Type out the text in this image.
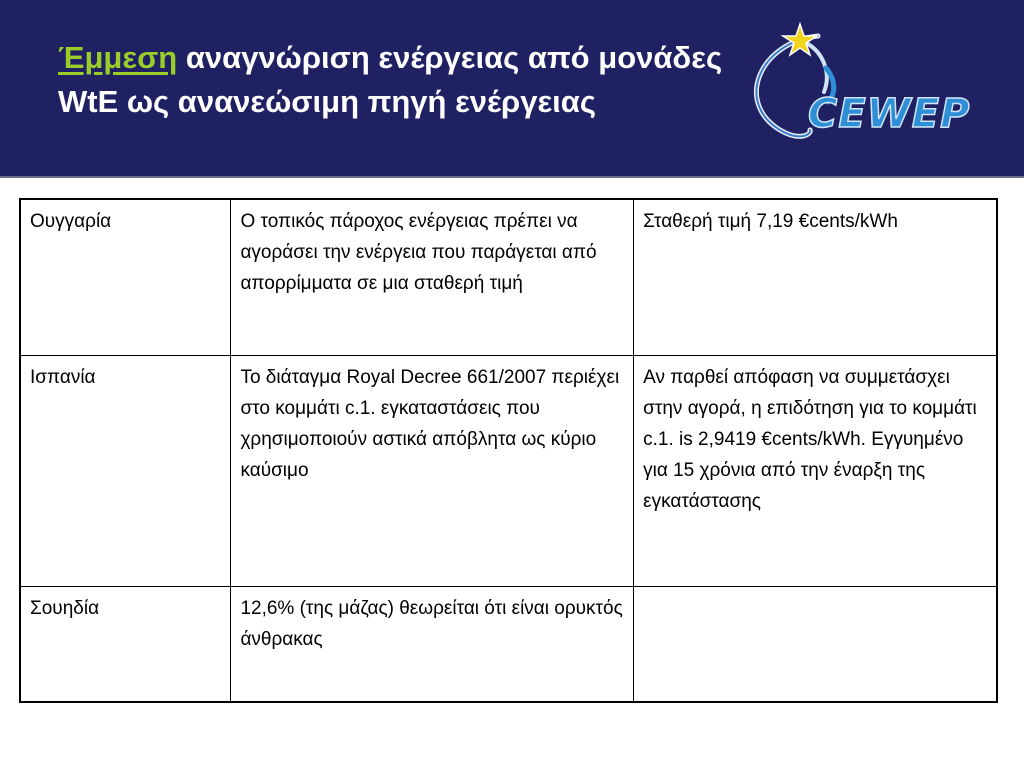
Έμμεση αναγνώριση ενέργειας από μονάδες WtE ως ανανεώσιμη πηγή ενέργειας	CEWEP
Ουγγαρία	Ο τοπικός πάροχος ενέργειας πρέπει να αγοράσει την ενέργεια που παράγεται από απορρίμματα σε μια σταθερή τιμή	Σταθερή τιμή 7,19 €cents/kWh
Ισπανία	Το διάταγμα Royal Decree 661/2007 περιέχει στο κομμάτι c.1. εγκαταστάσεις που χρησιμοποιούν αστικά απόβλητα ως κύριο καύσιμο	Αν παρθεί απόφαση να συμμετάσχει στην αγορά, η επιδότηση για το κομμάτι c.1. is 2,9419 €cents/kWh. Εγγυημένο για 15 χρόνια από την έναρξη της εγκατάστασης
Σουηδία	12,6% (της μάζας) θεωρείται ότι είναι ορυκτός άνθρακας	
